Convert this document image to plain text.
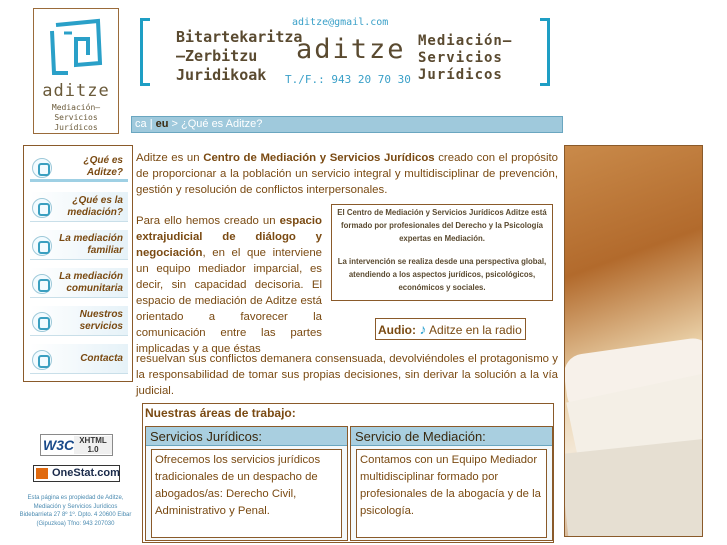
aditze
Mediación—
Servicios
Jurídicos
Bitartekaritza
—Zerbitzu
Juridikoak
aditze@gmail.com
aditze
T./F.: 943 20 70 30
Mediación—
Servicios
Jurídicos
ca | eu > ¿Qué es Aditze?
¿Qué es Aditze?
¿Qué es la mediación?
La mediación familiar
La mediación comunitaria
Nuestros servicios
Contacta
W3C XHTML 1.0
OneStat.com
Esta página es propiedad de Aditze, Mediación y Servicios Jurídicos Bidebarrieta 27 8º 1º. Dpto. 4 20600 Eibar (Gipuzkoa) Tfno: 943 207030
Aditze es un Centro de Mediación y Servicios Jurídicos creado con el propósito de proporcionar a la población un servicio integral y multidisciplinar de prevención, gestión y resolución de conflictos interpersonales.
Para ello hemos creado un espacio extrajudicial de diálogo y negociación, en el que interviene un equipo mediador imparcial, es decir, sin capacidad decisoria. El espacio de mediación de Aditze está orientado a favorecer la comunicación entre las partes implicadas y a que éstas
resuelvan sus conflictos demanera consensuada, devolviéndoles el protagonismo y la responsabilidad de tomar sus propias decisiones, sin derivar la solución a la vía judicial.
El Centro de Mediación y Servicios Jurídicos Aditze está formado por profesionales del Derecho y la Psicología expertas en Mediación.
La intervención se realiza desde una perspectiva global, atendiendo a los aspectos jurídicos, psicológicos, económicos y sociales.
Audio: ♪ Aditze en la radio
Nuestras áreas de trabajo:
Servicios Jurídicos:
Ofrecemos los servicios jurídicos tradicionales de un despacho de abogados/as: Derecho Civil, Administrativo y Penal.
Servicio de Mediación:
Contamos con un Equipo Mediador multidisciplinar formado por profesionales de la abogacía y de la psicología.
